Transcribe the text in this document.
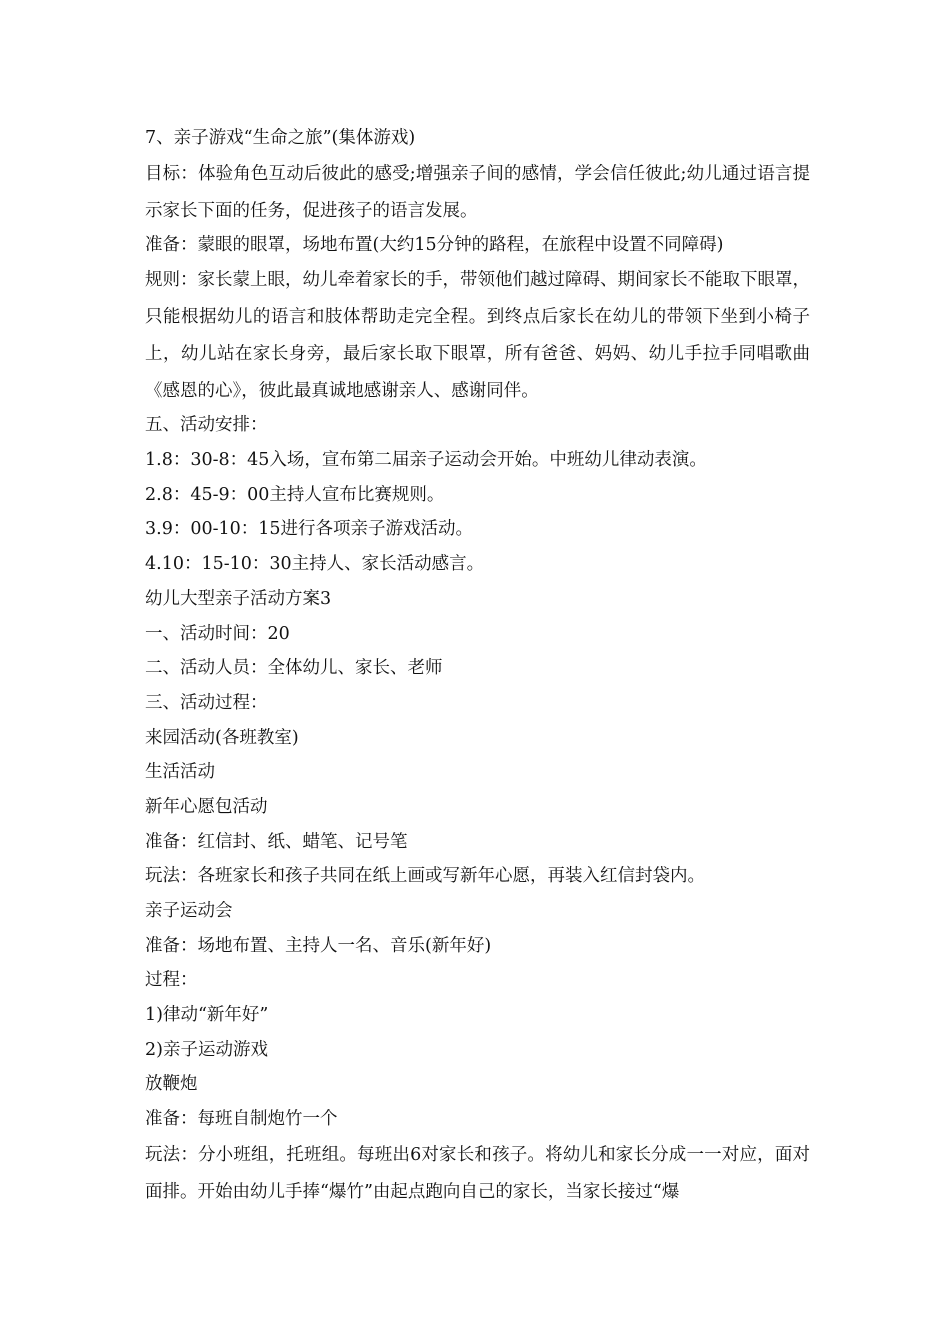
7、亲子游戏“生命之旅”(集体游戏)

目标：体验角色互动后彼此的感受;增强亲子间的感情，学会信任彼此;幼儿通过语言提示家长下面的任务，促进孩子的语言发展。

准备：蒙眼的眼罩，场地布置(大约15分钟的路程，在旅程中设置不同障碍)

规则：家长蒙上眼，幼儿牵着家长的手，带领他们越过障碍、期间家长不能取下眼罩，只能根据幼儿的语言和肢体帮助走完全程。到终点后家长在幼儿的带领下坐到小椅子上，幼儿站在家长身旁，最后家长取下眼罩，所有爸爸、妈妈、幼儿手拉手同唱歌曲《感恩的心》，彼此最真诚地感谢亲人、感谢同伴。

五、活动安排：

1.8：30-8：45入场，宣布第二届亲子运动会开始。中班幼儿律动表演。

2.8：45-9：00主持人宣布比赛规则。

3.9：00-10：15进行各项亲子游戏活动。

4.10：15-10：30主持人、家长活动感言。

幼儿大型亲子活动方案3

一、活动时间：20

二、活动人员：全体幼儿、家长、老师

三、活动过程：

来园活动(各班教室)

生活活动

新年心愿包活动

准备：红信封、纸、蜡笔、记号笔

玩法：各班家长和孩子共同在纸上画或写新年心愿，再装入红信封袋内。

亲子运动会

准备：场地布置、主持人一名、音乐(新年好)

过程：

1)律动“新年好”

2)亲子运动游戏

放鞭炮

准备：每班自制炮竹一个

玩法：分小班组，托班组。每班出6对家长和孩子。将幼儿和家长分成一一对应，面对面排。开始由幼儿手捧“爆竹”由起点跑向自己的家长，当家长接过“爆
